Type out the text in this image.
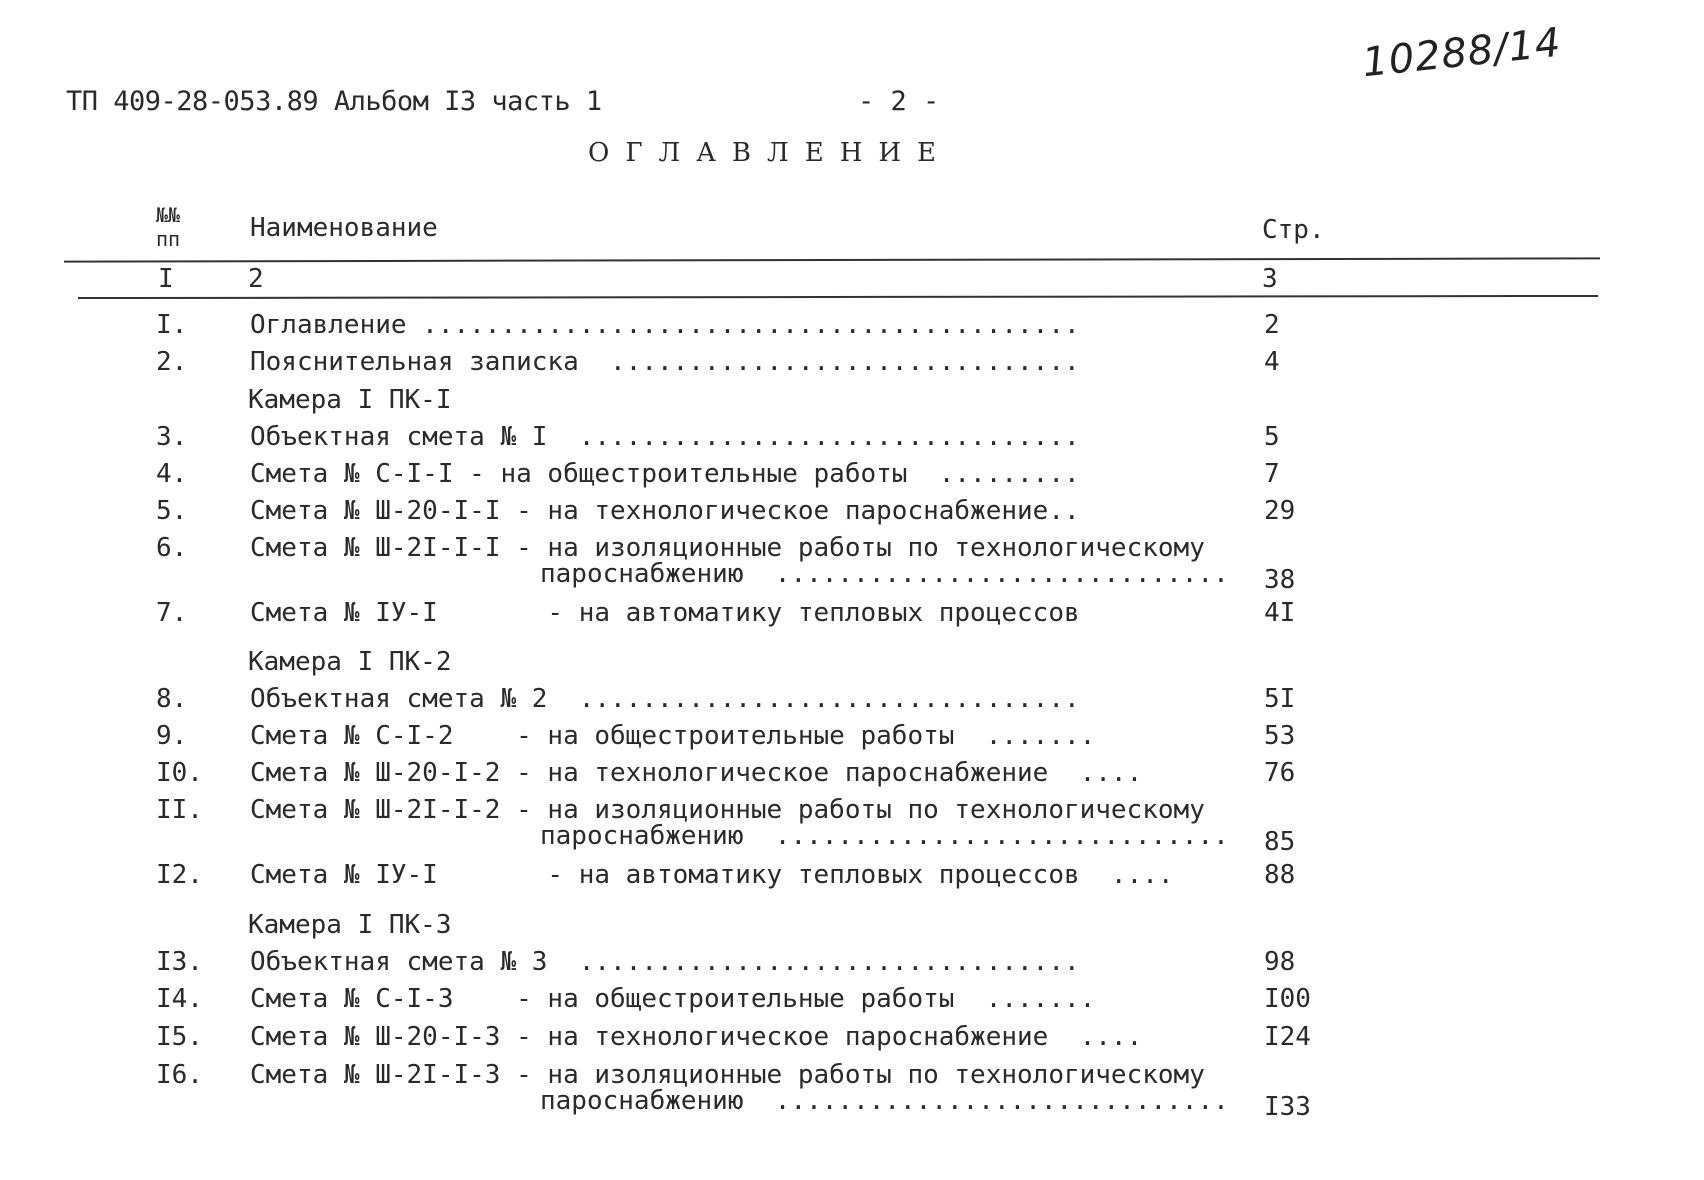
ТП 409-28-053.89 Альбом I3 часть 1	- 2 -
10288/14
ОГЛАВЛЕНИЕ
№№
пп	Наименование	Стр.
I	2	3
I. Оглавление ..........................................	2
2. Пояснительная записка  ..............................	4
Камера I ПК-I
3. Объектная смета № I  ................................	5
4. Смета № С-I-I - на общестроительные работы  .........	7
5. Смета № Ш-20-I-I - на технологическое пароснабжение..	29
6. Смета № Ш-2I-I-I - на изоляционные работы по технологическому
пароснабжению  ............................. 38
7. Смета № IУ-I       - на автоматику тепловых процессов	4I
Камера I ПК-2
8. Объектная смета № 2  ................................	5I
9. Смета № С-I-2    - на общестроительные работы  .......	53
I0. Смета № Ш-20-I-2 - на технологическое пароснабжение  ....	76
II. Смета № Ш-2I-I-2 - на изоляционные работы по технологическому
пароснабжению  ............................. 85
I2. Смета № IУ-I       - на автоматику тепловых процессов  ....	88
Камера I ПК-3
I3. Объектная смета № 3  ................................	98
I4. Смета № С-I-3    - на общестроительные работы  .......	I00
I5. Смета № Ш-20-I-3 - на технологическое пароснабжение  ....	I24
I6. Смета № Ш-2I-I-3 - на изоляционные работы по технологическому
пароснабжению  ............................. I33
